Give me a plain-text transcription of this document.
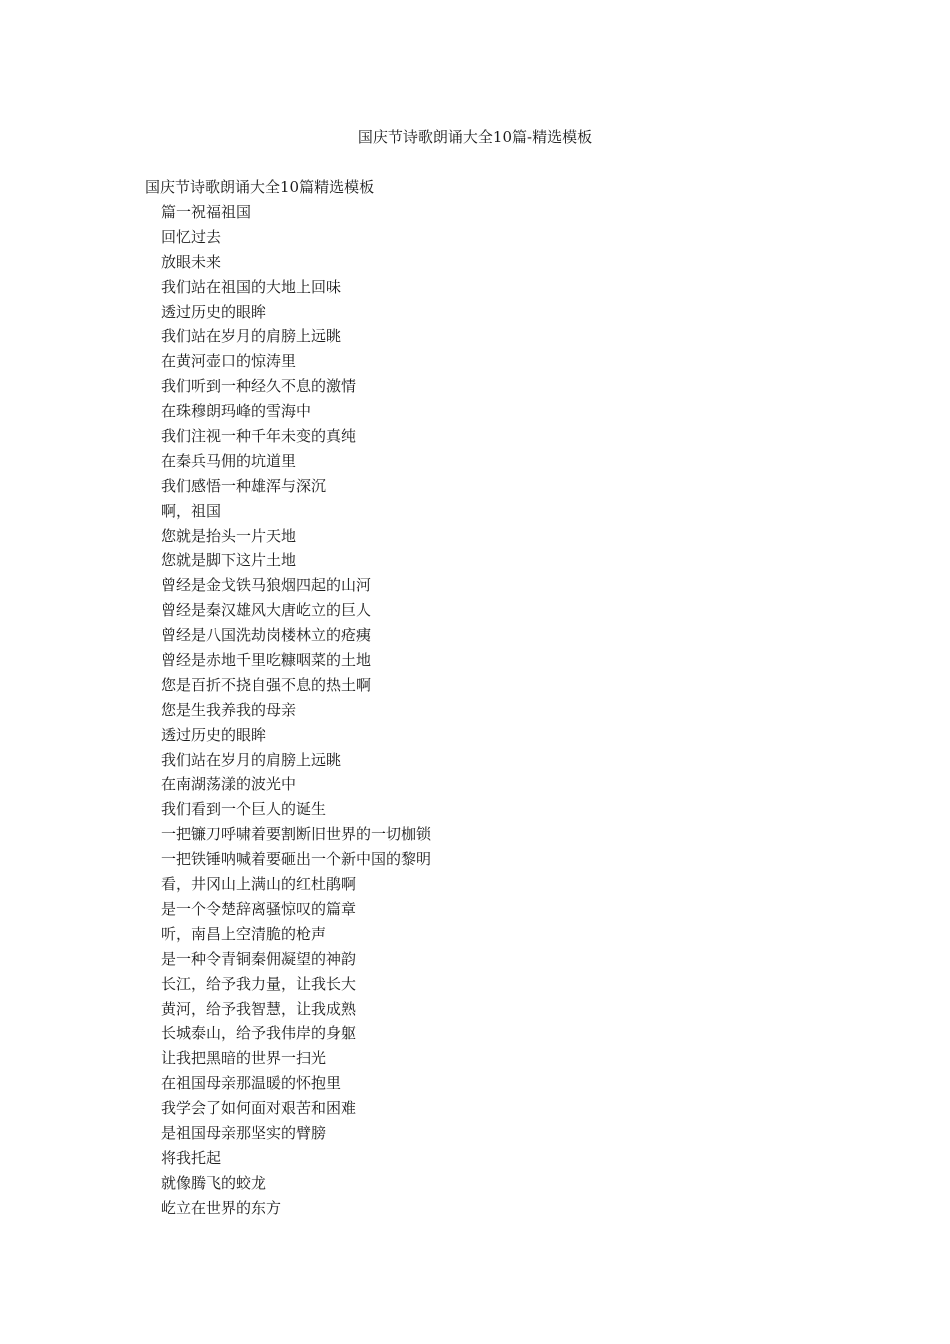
国庆节诗歌朗诵大全10篇-精选模板
国庆节诗歌朗诵大全10篇精选模板
篇一祝福祖国
回忆过去
放眼未来
我们站在祖国的大地上回味
透过历史的眼眸
我们站在岁月的肩膀上远眺
在黄河壶口的惊涛里
我们听到一种经久不息的激情
在珠穆朗玛峰的雪海中
我们注视一种千年未变的真纯
在秦兵马佣的坑道里
我们感悟一种雄浑与深沉
啊，祖国
您就是抬头一片天地
您就是脚下这片土地
曾经是金戈铁马狼烟四起的山河
曾经是秦汉雄风大唐屹立的巨人
曾经是八国洗劫岗楼林立的疮痍
曾经是赤地千里吃糠咽菜的土地
您是百折不挠自强不息的热土啊
您是生我养我的母亲
透过历史的眼眸
我们站在岁月的肩膀上远眺
在南湖荡漾的波光中
我们看到一个巨人的诞生
一把镰刀呼啸着要割断旧世界的一切枷锁
一把铁锤呐喊着要砸出一个新中国的黎明
看，井冈山上满山的红杜鹃啊
是一个令楚辞离骚惊叹的篇章
听，南昌上空清脆的枪声
是一种令青铜秦佣凝望的神韵
长江，给予我力量，让我长大
黄河，给予我智慧，让我成熟
长城泰山，给予我伟岸的身躯
让我把黑暗的世界一扫光
在祖国母亲那温暖的怀抱里
我学会了如何面对艰苦和困难
是祖国母亲那坚实的臂膀
将我托起
就像腾飞的蛟龙
屹立在世界的东方
